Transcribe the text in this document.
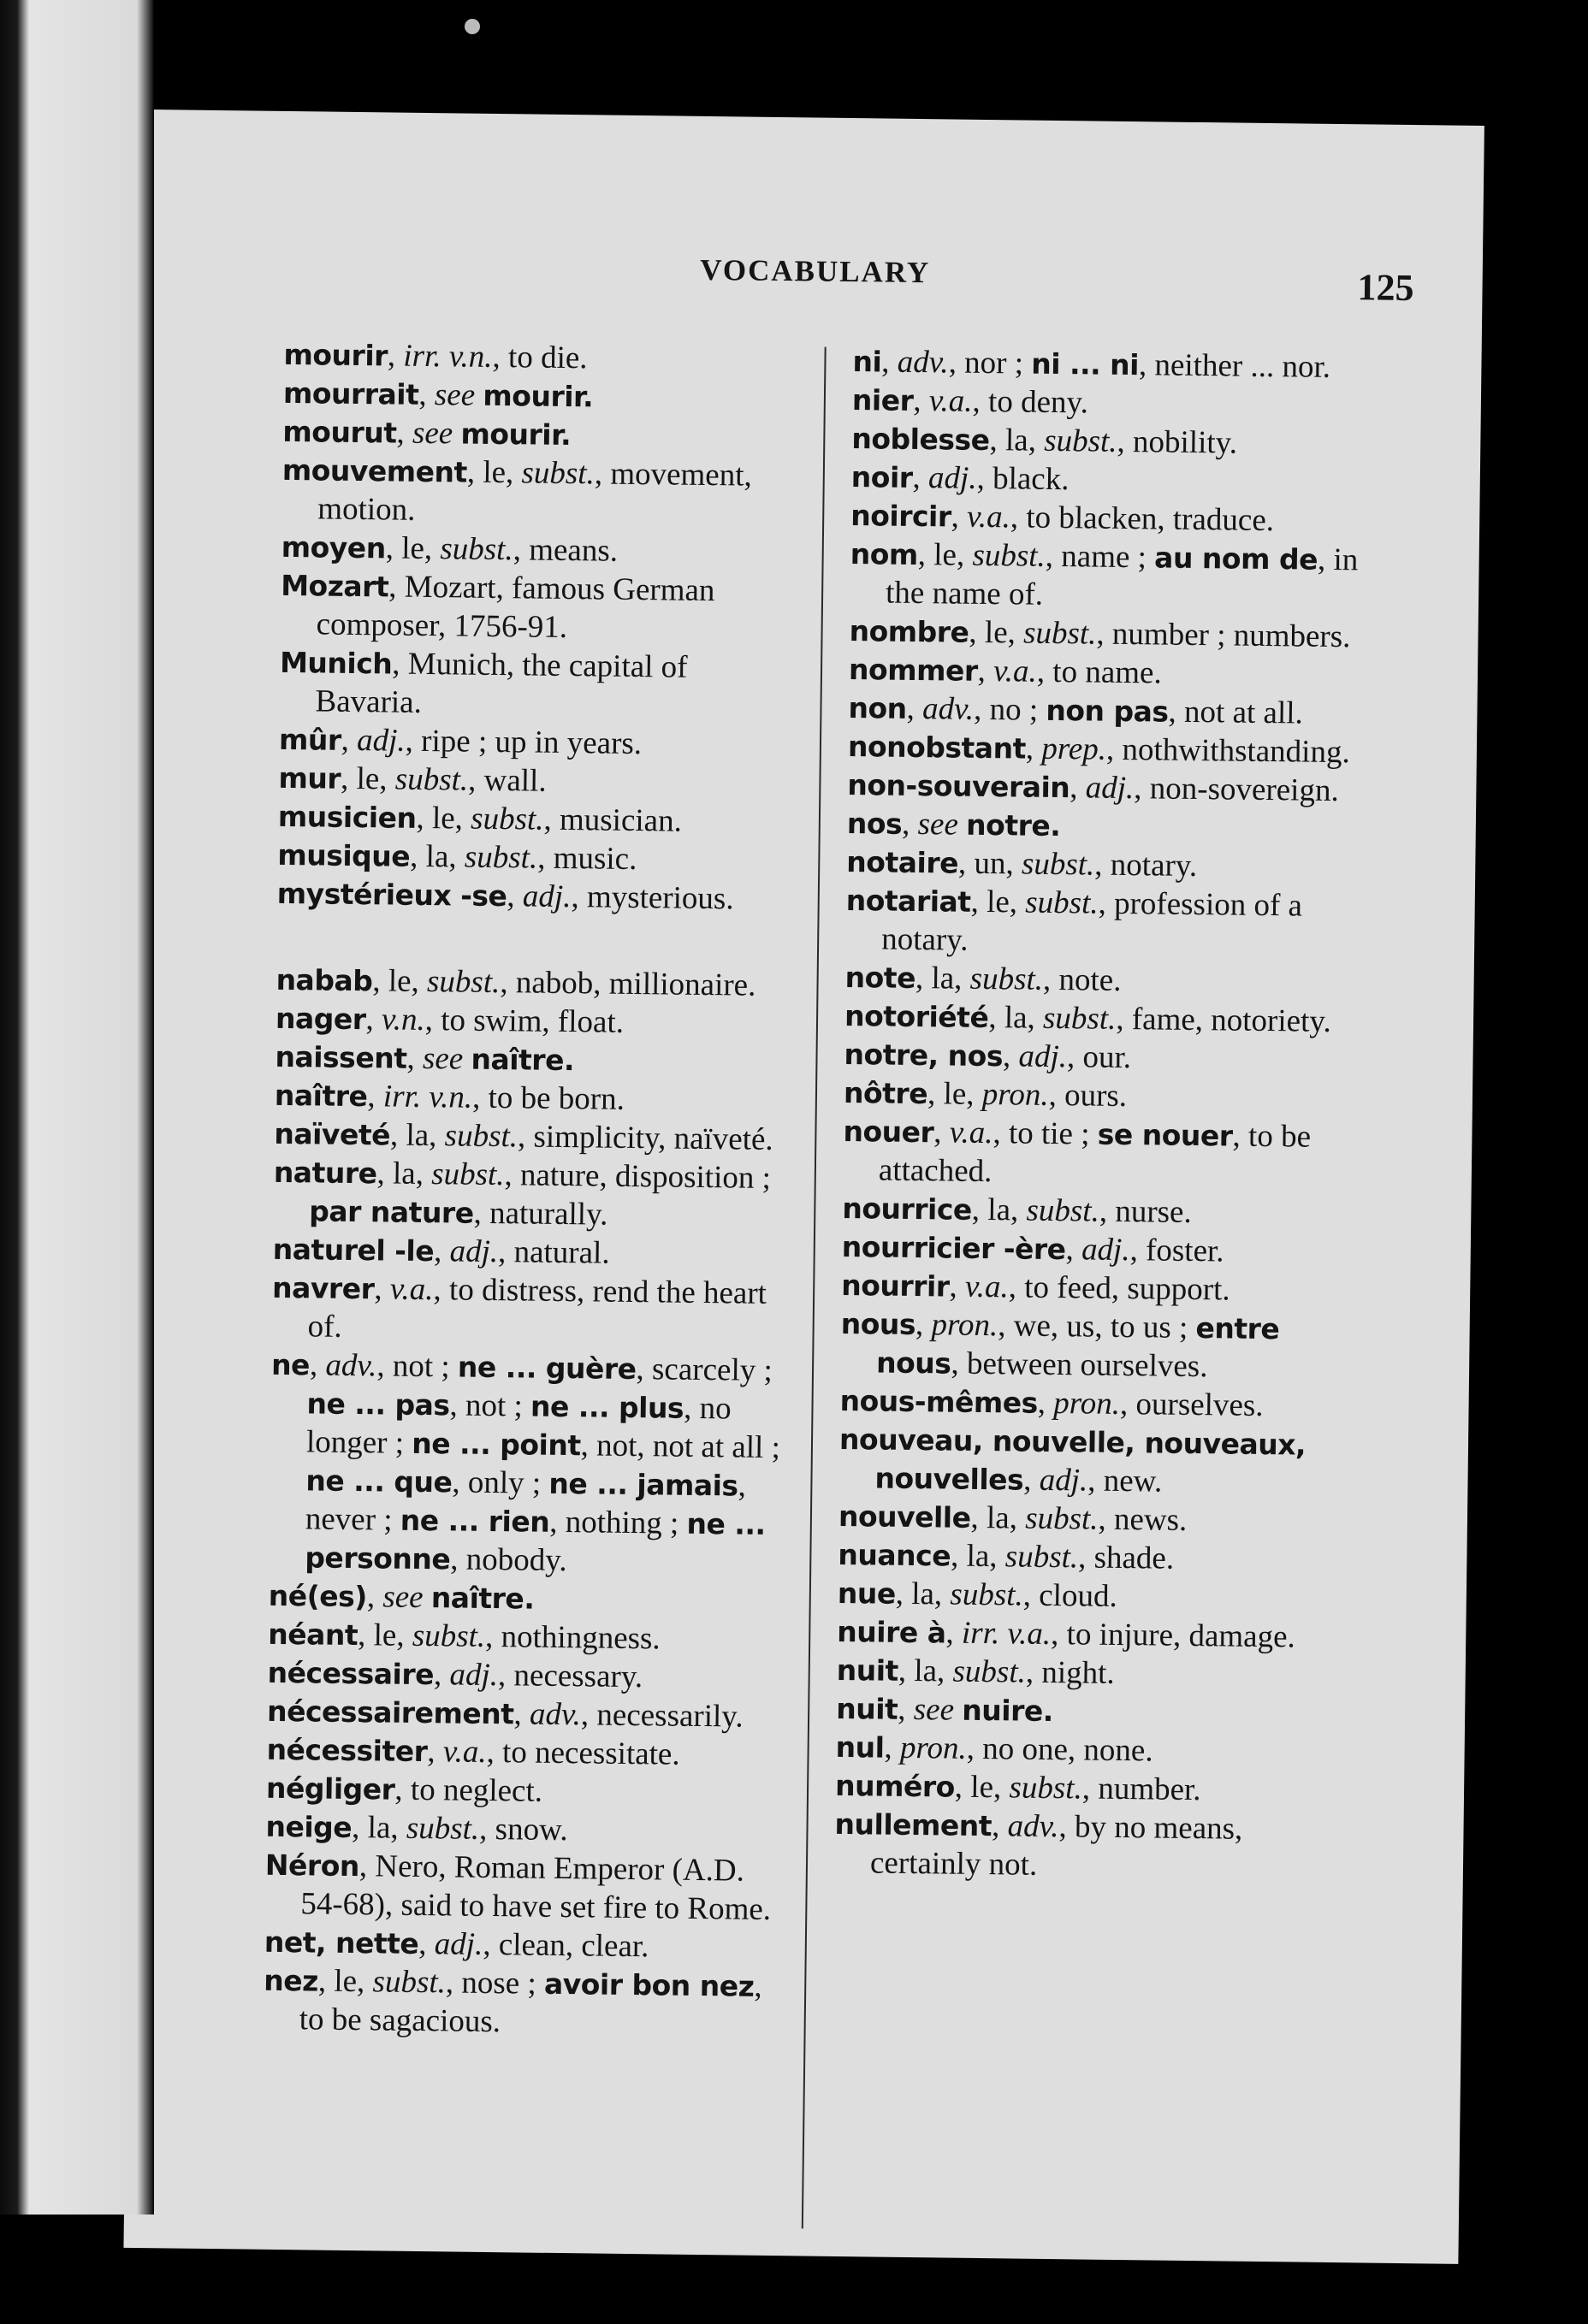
VOCABULARY	125

mourir, irr. v.n., to die.

mourrait, see mourir.

mourut, see mourir.

mouvement, le, subst., movement, motion.

moyen, le, subst., means.

Mozart, Mozart, famous German composer, 1756-91.

Munich, Munich, the capital of Bavaria.

mûr, adj., ripe ; up in years.

mur, le, subst., wall.

musicien, le, subst., musician.

musique, la, subst., music.

mystérieux -se, adj., mysterious.

nabab, le, subst., nabob, millionaire.

nager, v.n., to swim, float.

naissent, see naître.

naître, irr. v.n., to be born.

naïveté, la, subst., simplicity, naïveté.

nature, la, subst., nature, disposition ; par nature, naturally.

naturel -le, adj., natural.

navrer, v.a., to distress, rend the heart of.

ne, adv., not ; ne ... guère, scarcely ; ne ... pas, not ; ne ... plus, no longer ; ne ... point, not, not at all ; ne ... que, only ; ne ... jamais, never ; ne ... rien, nothing ; ne ... personne, nobody.

né(es), see naître.

néant, le, subst., nothingness.

nécessaire, adj., necessary.

nécessairement, adv., necessarily.

nécessiter, v.a., to necessitate.

négliger, to neglect.

neige, la, subst., snow.

Néron, Nero, Roman Emperor (A.D. 54-68), said to have set fire to Rome.

net, nette, adj., clean, clear.

nez, le, subst., nose ; avoir bon nez, to be sagacious.

ni, adv., nor ; ni ... ni, neither ... nor.

nier, v.a., to deny.

noblesse, la, subst., nobility.

noir, adj., black.

noircir, v.a., to blacken, traduce.

nom, le, subst., name ; au nom de, in the name of.

nombre, le, subst., number ; numbers.

nommer, v.a., to name.

non, adv., no ; non pas, not at all.

nonobstant, prep., nothwithstanding.

non-souverain, adj., non-sovereign.

nos, see notre.

notaire, un, subst., notary.

notariat, le, subst., profession of a notary.

note, la, subst., note.

notoriété, la, subst., fame, notoriety.

notre, nos, adj., our.

nôtre, le, pron., ours.

nouer, v.a., to tie ; se nouer, to be attached.

nourrice, la, subst., nurse.

nourricier -ère, adj., foster.

nourrir, v.a., to feed, support.

nous, pron., we, us, to us ; entre nous, between ourselves.

nous-mêmes, pron., ourselves.

nouveau, nouvelle, nouveaux, nouvelles, adj., new.

nouvelle, la, subst., news.

nuance, la, subst., shade.

nue, la, subst., cloud.

nuire à, irr. v.a., to injure, damage.

nuit, la, subst., night.

nuit, see nuire.

nul, pron., no one, none.

numéro, le, subst., number.

nullement, adv., by no means, certainly not.
